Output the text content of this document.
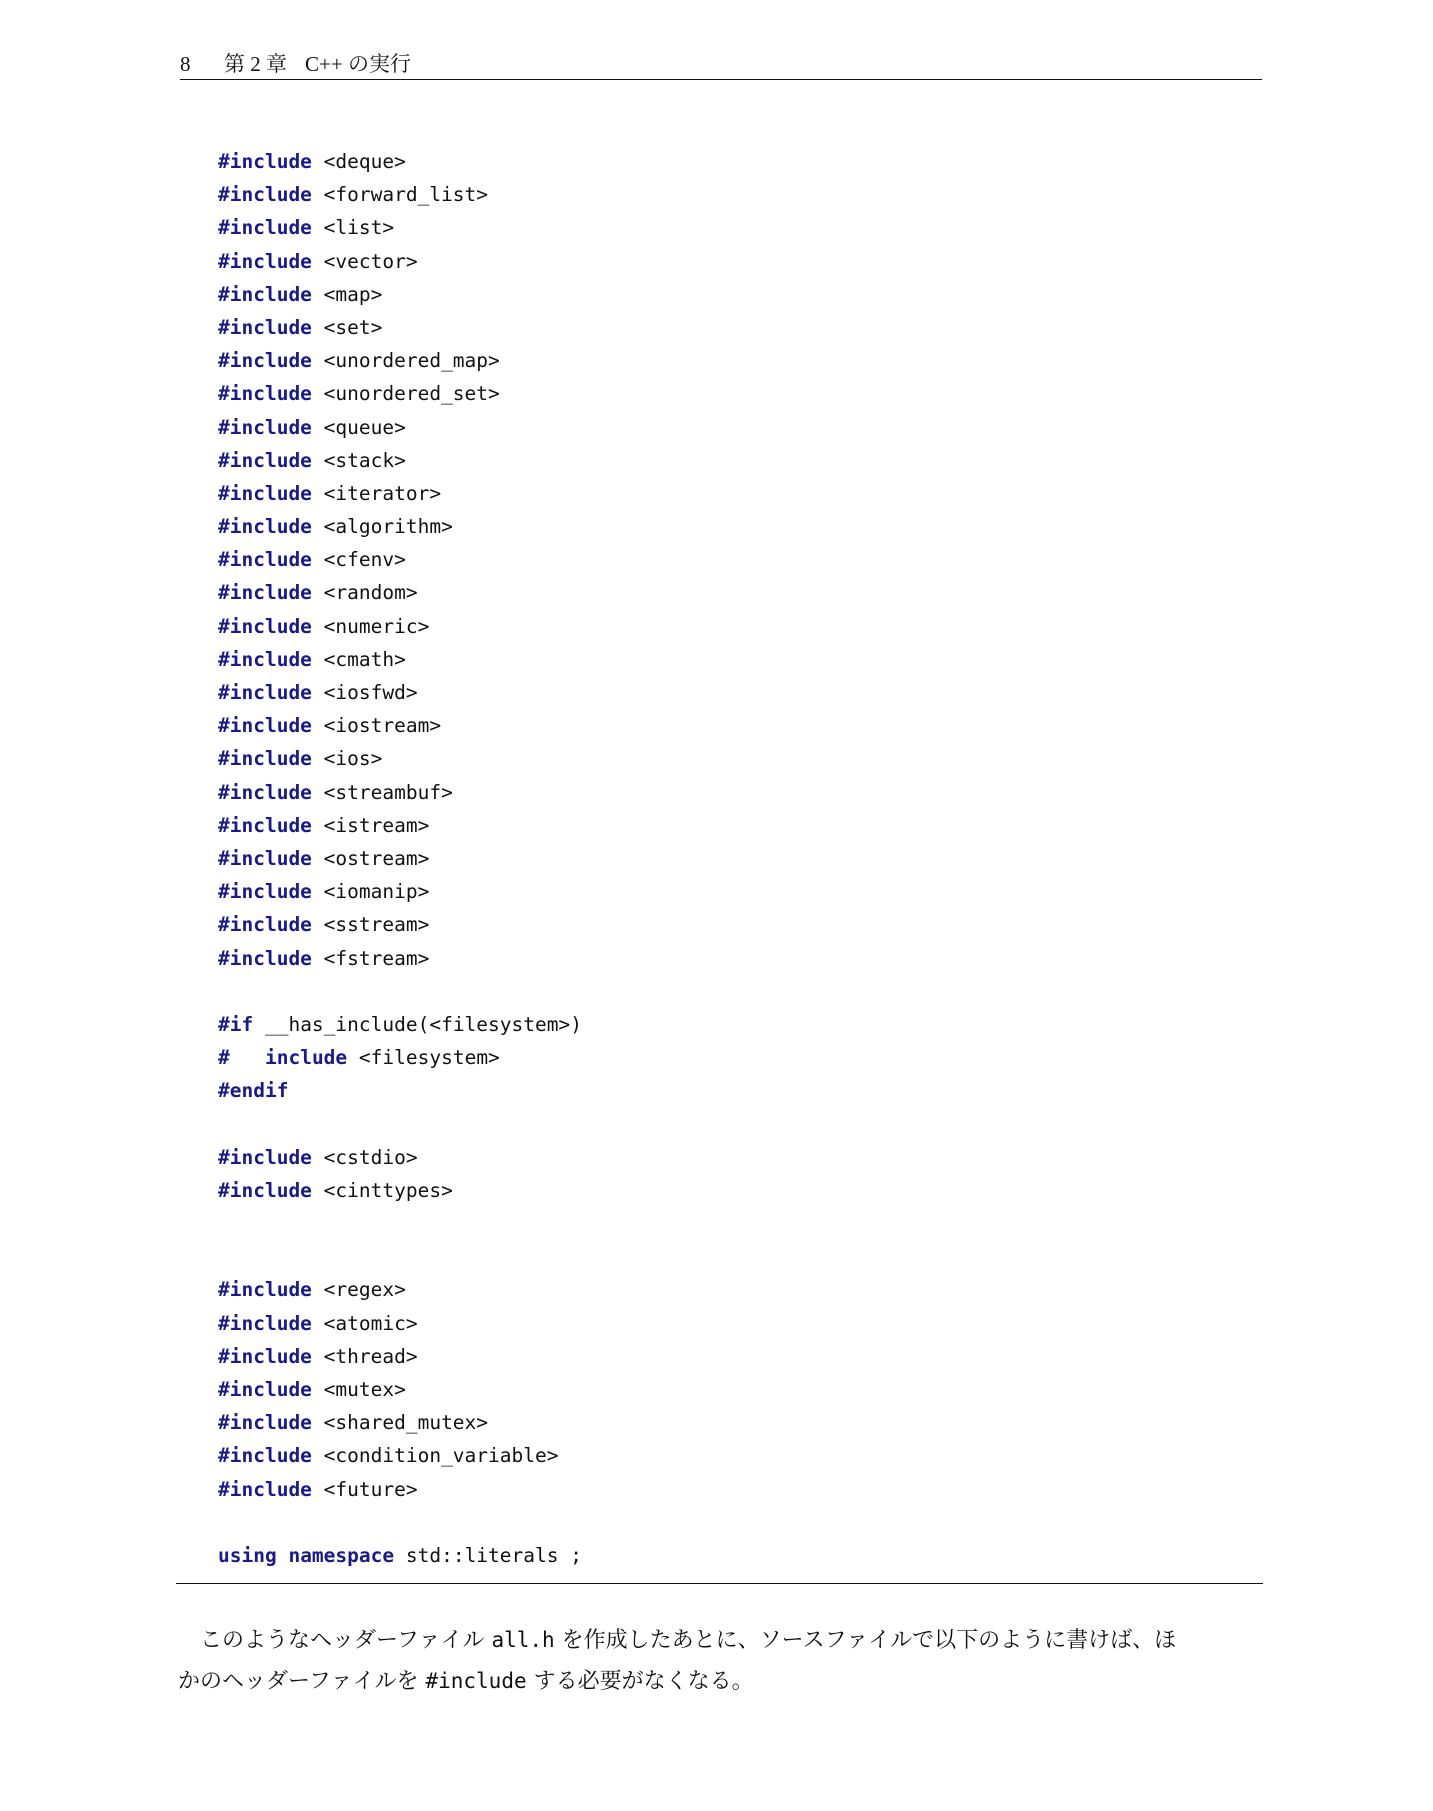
8 第 2 章 C++ の実行
#include <deque>
#include <forward_list>
#include <list>
#include <vector>
#include <map>
#include <set>
#include <unordered_map>
#include <unordered_set>
#include <queue>
#include <stack>
#include <iterator>
#include <algorithm>
#include <cfenv>
#include <random>
#include <numeric>
#include <cmath>
#include <iosfwd>
#include <iostream>
#include <ios>
#include <streambuf>
#include <istream>
#include <ostream>
#include <iomanip>
#include <sstream>
#include <fstream>
#if __has_include(<filesystem>)
# include <filesystem>
#endif
#include <cstdio>
#include <cinttypes>
#include <regex>
#include <atomic>
#include <thread>
#include <mutex>
#include <shared_mutex>
#include <condition_variable>
#include <future>
using namespace std::literals ;
このようなヘッダーファイル all.h を作成したあとに、ソースファイルで以下のように書けば、ほ
かのヘッダーファイルを #include する必要がなくなる。
